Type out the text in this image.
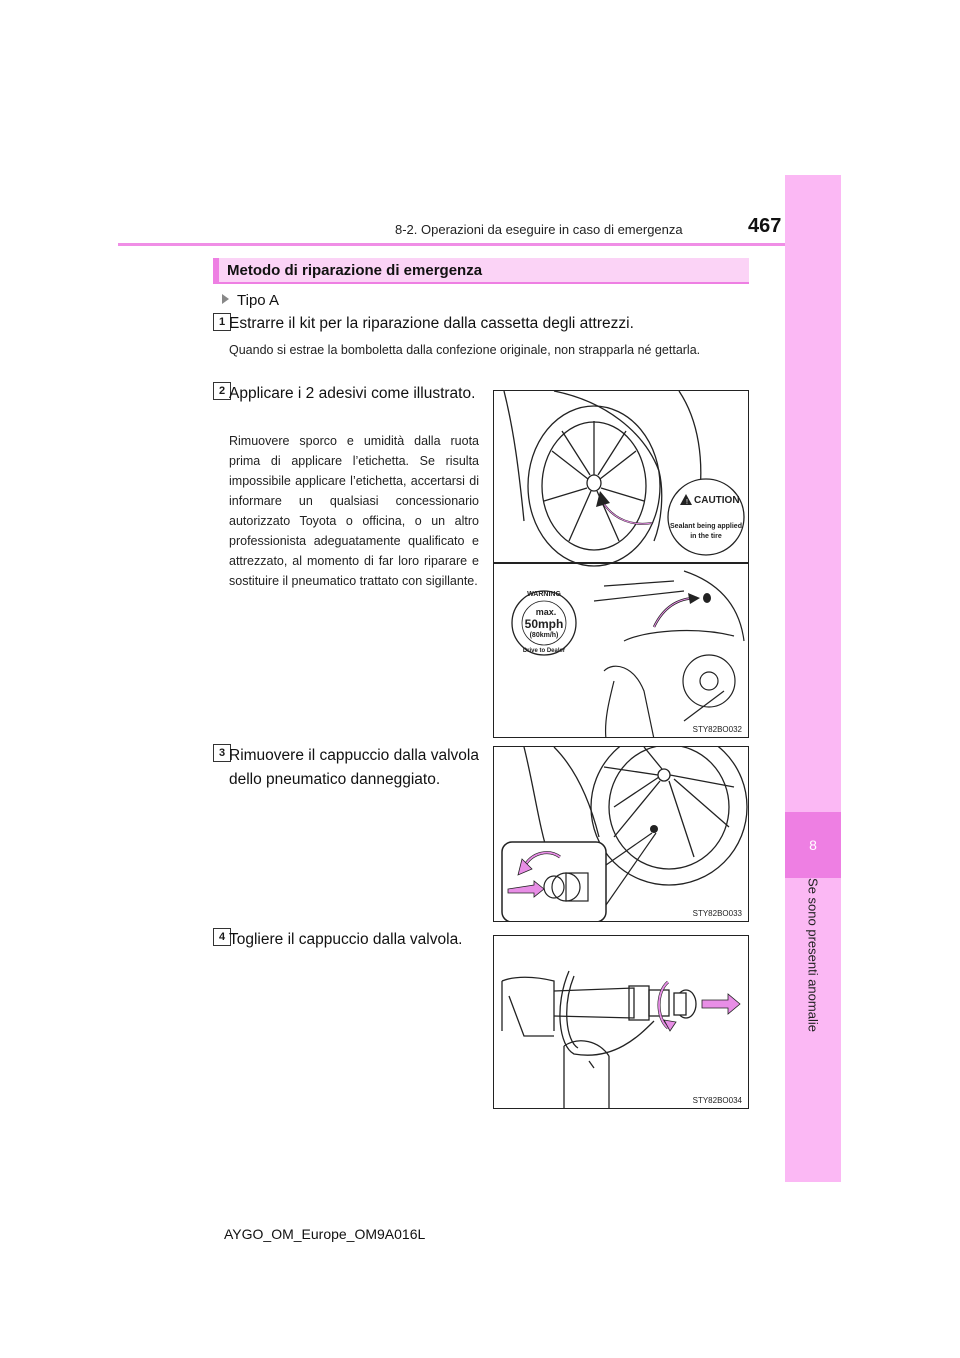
8-2. Operazioni da eseguire in caso di emergenza	467
8
Se sono presenti anomalie
Metodo di riparazione di emergenza
Tipo A
1 Estrarre il kit per la riparazione dalla cassetta degli attrezzi.
Quando si estrae la bomboletta dalla confezione originale, non strapparla né gettarla.
2 Applicare i 2 adesivi come illustrato.
Rimuovere sporco e umidità dalla ruota prima di applicare l’etichetta. Se risulta impossibile applicare l’etichetta, accertarsi di informare un qualsiasi concessionario autorizzato Toyota o officina, o un altro professionista adeguatamente qualificato e attrezzato, al momento di far loro riparare e sostituire il pneumatico trattato con sigillante.
! CAUTION
Sealant being applied
in the tire
WARNING
max.
50mph
(80km/h)
Drive to Dealer
STY82BO032
3 Rimuovere il cappuccio dalla valvola dello pneumatico danneggiato.
STY82BO033
4 Togliere il cappuccio dalla valvola.
STY82BO034
AYGO_OM_Europe_OM9A016L
